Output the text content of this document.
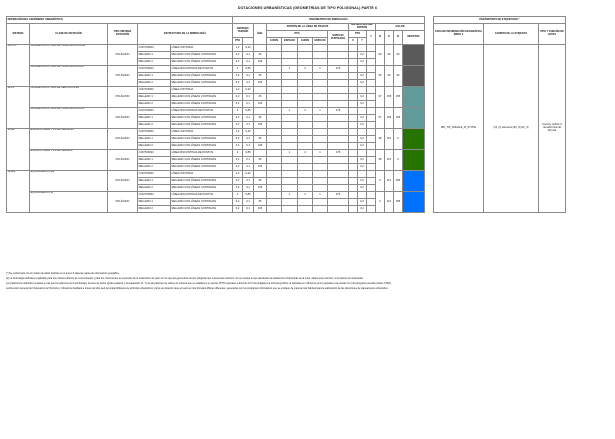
DOTACIONES URBANÍSTICAS (GEOMETRÍAS DE TIPO POLIGONAL) PARTE 6
DEFINICIÓN DEL FENÓMENO URBANÍSTICO					PARÁMETROS DE SIMBOLOGÍA																PARÁMETROS DE ETIQUETADO *		
SISTEMA	CLASE DE DOTACIÓN	TIPO SISTEMA DOTACIÓN	ESTRUCTURA DE LA SIMBOLOGÍA		GROSOR / TAMAÑO		ÁNG.	PATRÓN DE LA LÍNEA DE TRAZOS					SEPARACIÓN DEL PATRÓN			COLOR					CAPA DE INFORMACIÓN GEOGRÁFICA (MDG) 3	CAMPOS DE LA ETIQUETA	TIPO Y TAMAÑO DE LETRA
								PTO				ESPACIO PUNTEADO	PTO		Y	R	G	B	MUESTRA				
					PTO			GUIÓN	ESPACIO	GUIÓN	ESPACIO		X	Y									
SL-IC-1	INFRAESTRUCTURA DE COMUNICACIÓN Ec	POLÍGONO	CONTORNO	LÍNEA CONTINUA	1,2	0,42										90	90	90			MD_TIP_ANNALE_FI_STYPE	[nb_rf] elemento [fid_rf] [nb_rf]	Century Gothic 6 tamaño Normal Normal
			RELLENO 1	RELLENO CON LÍNEAS CONTINUAS	0,2	0,1	45							0,2									
			RELLENO 2	RELLENO CON LÍNEAS CONTINUAS	0,2	0,1	135							0,2									
	INFRAESTRUCTURA DE COMUNICACIÓN Ic	POLÍGONO	CONTORNO	LÍNEA DISCONTINUA DE PUNTOS	4	0,85			1	4	1	175				90	90	90					
			RELLENO 1	RELLENO CON LÍNEAS CONTINUAS	0,2	0,1	45							0,2									
			RELLENO 2	RELLENO CON LÍNEAS CONTINUAS	0,2	0,1	135							0,2									
SL-IS	INFRAESTRUCTURA DE SERVICIOS Es	POLÍGONO	CONTORNO	LÍNEA CONTINUA	1,2	0,42										97	155	155					
			RELLENO 1	RELLENO CON LÍNEAS CONTINUAS	0,2	0,1	45							0,2									
			RELLENO 2	RELLENO CON LÍNEAS CONTINUAS	0,2	0,1	135							0,2									
	INFRAESTRUCTURA DE COMUNICACIÓN Is	POLÍGONO	CONTORNO	LÍNEA DISCONTINUA DE PUNTOS	4	0,85			1	4	1	175				97	155	155					
			RELLENO 1	RELLENO CON LÍNEAS CONTINUAS	0,2	0,1	45							0,2									
			RELLENO 2	RELLENO CON LÍNEAS CONTINUAS	0,2	0,1	135							0,2									
SL-EL	ESPACIO LIBRE Y ZONA VERDE EL	POLÍGONO	CONTORNO	LÍNEA CONTINUA	1,2	0,42										38	115	0					
			RELLENO 1	RELLENO CON LÍNEAS CONTINUAS	0,2	0,1	45							0,2									
			RELLENO 2	RELLENO CON LÍNEAS CONTINUAS	0,2	0,1	135							0,2									
	ESPACIO LIBRE Y ZONA VERDE IL	POLÍGONO	CONTORNO	LÍNEA DISCONTINUA DE PUNTOS	4	0,85			1	4	1	175				38	115	0					
			RELLENO 1	RELLENO CON LÍNEAS CONTINUAS	0,2	0,1	45							0,2									
			RELLENO 2	RELLENO CON LÍNEAS CONTINUAS	0,2	0,1	135							0,2									
SL-EQ	EQUIPAMIENTO Eq	POLÍGONO	CONTORNO	LÍNEA CONTINUA	1,2	0,42										0	112	255					
			RELLENO 1	RELLENO CON LÍNEAS CONTINUAS	0,2	0,1	45							0,2									
			RELLENO 2	RELLENO CON LÍNEAS CONTINUAS	0,2	0,1	135							0,2									
	EQUIPAMIENTO Iq	POLÍGONO	CONTORNO	LÍNEA DISCONTINUA DE PUNTOS	4	0,85			1	4	1	175				0	112	255					
			RELLENO 1	RELLENO CON LÍNEAS CONTINUAS	0,2	0,1	45							0,2									
			RELLENO 2	RELLENO CON LÍNEAS CONTINUAS	0,2	0,1	135							0,2									

(*) Se conformará con el modelo de datos definido en el anexo II para las capas de información geográfica.

(1) La simbología definida es aplicable para los núcleos urbanos de concentración y para los crecimientos de extensión de la ordenación de suelo en los que las geometrías de tipo poligonal que representan caminos. No se emplea lo que atenderán las dotaciones urbanísticas de la zona, dados a las caminos, a los planos de ordenación.

Los parámetros definidos se basan en las que los patrones de la simbología, la línea de trazos (guión-espacio) y la separación (X, Y) de las patrones de relleno de manera que se establecen en puntos (PTO) equivalen a fracción 1/72 del pulgada a la fórmula (pul/DL); la definidas en milímetros (mm) equivalen a la escala 1:0,1 del programa (escala modelo 2.500).

La Dirección General de Ordenación del Territorio y Urbanismo facilitará a través del sitio web la propia biblioteca de símbolos urbanísticos y tipos de dotación tiene el suelo en dos formatos Mitman diferentes, generados con los programas informáticos que se emplean de manera más habitual para la elaboración de las direcciones de planeamiento urbanístico.
